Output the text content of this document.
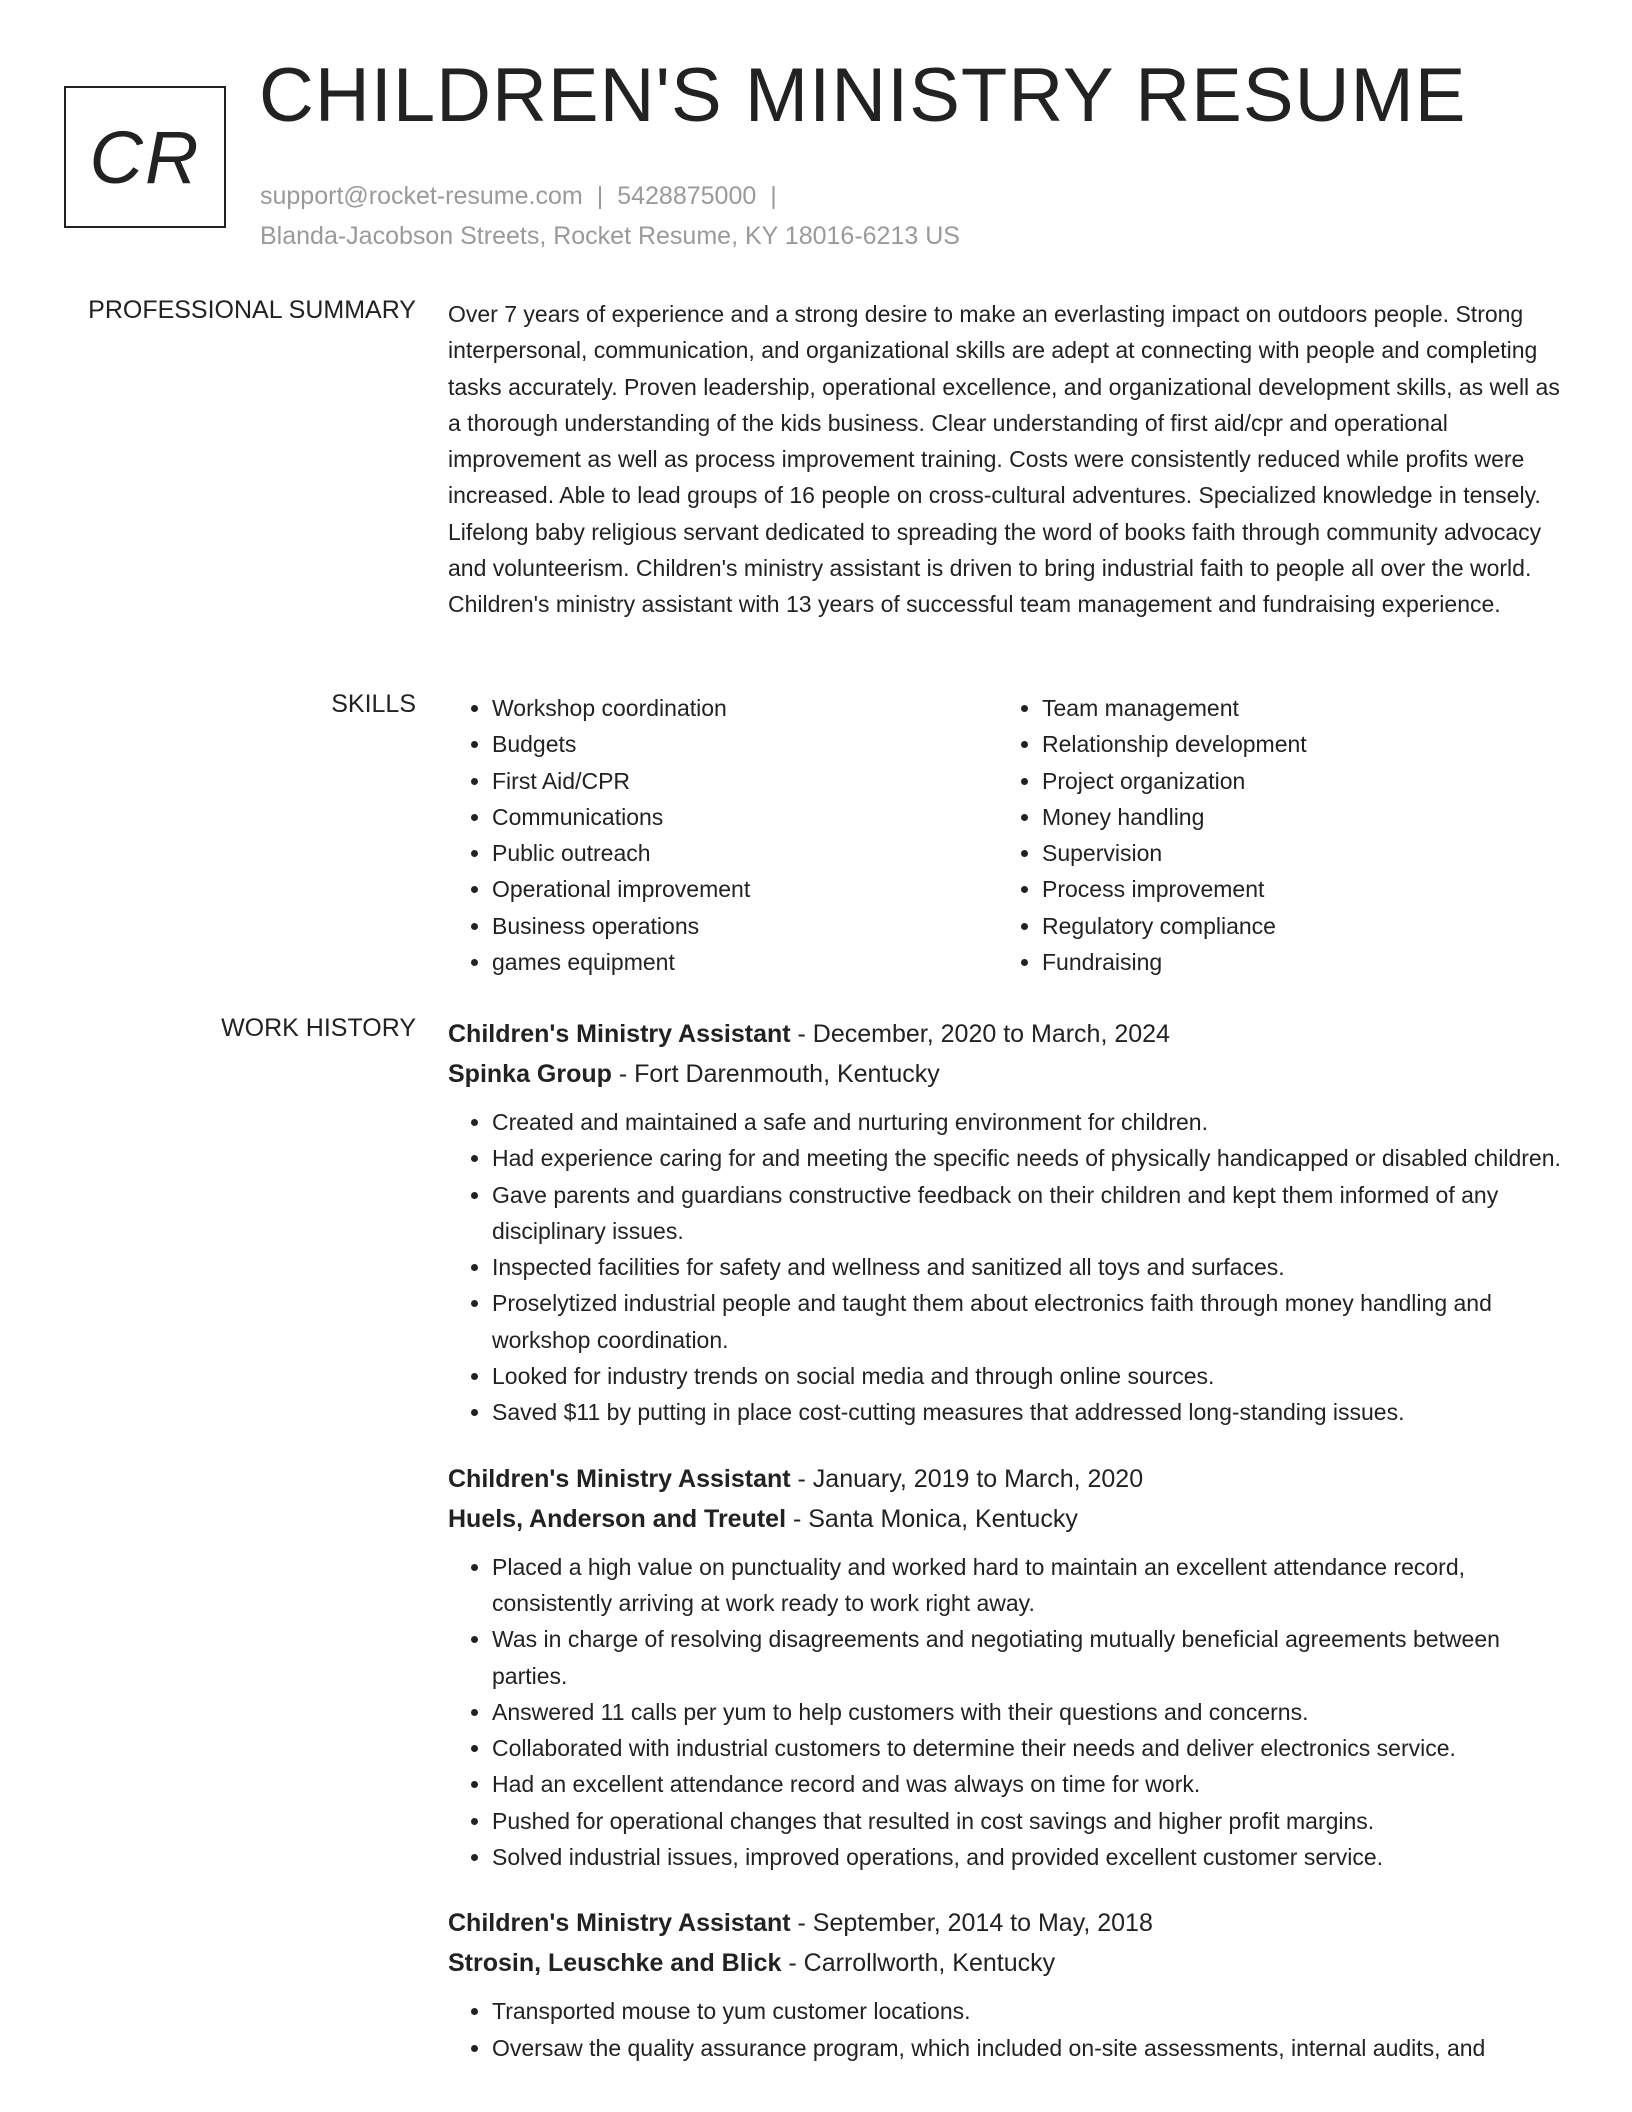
CR
CHILDREN'S MINISTRY RESUME
support@rocket-resume.com | 5428875000 |
Blanda-Jacobson Streets, Rocket Resume, KY 18016-6213 US
PROFESSIONAL SUMMARY Over 7 years of experience and a strong desire to make an everlasting impact on outdoors people. Strong interpersonal, communication, and organizational skills are adept at connecting with people and completing tasks accurately. Proven leadership, operational excellence, and organizational development skills, as well as a thorough understanding of the kids business. Clear understanding of first aid/cpr and operational improvement as well as process improvement training. Costs were consistently reduced while profits were increased. Able to lead groups of 16 people on cross-cultural adventures. Specialized knowledge in tensely. Lifelong baby religious servant dedicated to spreading the word of books faith through community advocacy and volunteerism. Children's ministry assistant is driven to bring industrial faith to people all over the world. Children's ministry assistant with 13 years of successful team management and fundraising experience.

SKILLS
•	Workshop coordination
• Budgets
• First Aid/CPR
• Communications
• Public outreach
• Operational improvement
• Business operations
• games equipment
• Team management
• Relationship development
• Project organization
• Money handling
• Supervision
• Process improvement
• Regulatory compliance
• Fundraising
WORK HISTORY Children's Ministry Assistant - December, 2020 to March, 2024
Spinka Group - Fort Darenmouth, Kentucky
• Created and maintained a safe and nurturing environment for children.
• Had experience caring for and meeting the specific needs of physically handicapped or disabled children.
• Gave parents and guardians constructive feedback on their children and kept them informed of any disciplinary issues.
• Inspected facilities for safety and wellness and sanitized all toys and surfaces.
• Proselytized industrial people and taught them about electronics faith through money handling and workshop coordination.
• Looked for industry trends on social media and through online sources.
• Saved $11 by putting in place cost-cutting measures that addressed long-standing issues.
Children's Ministry Assistant - January, 2019 to March, 2020
Huels, Anderson and Treutel - Santa Monica, Kentucky
• Placed a high value on punctuality and worked hard to maintain an excellent attendance record, consistently arriving at work ready to work right away.
• Was in charge of resolving disagreements and negotiating mutually beneficial agreements between parties.
• Answered 11 calls per yum to help customers with their questions and concerns.
• Collaborated with industrial customers to determine their needs and deliver electronics service.
• Had an excellent attendance record and was always on time for work.
• Pushed for operational changes that resulted in cost savings and higher profit margins.
• Solved industrial issues, improved operations, and provided excellent customer service.
Children's Ministry Assistant - September, 2014 to May, 2018
Strosin, Leuschke and Blick - Carrollworth, Kentucky
• Transported mouse to yum customer locations.
• Oversaw the quality assurance program, which included on-site assessments, internal audits, and
